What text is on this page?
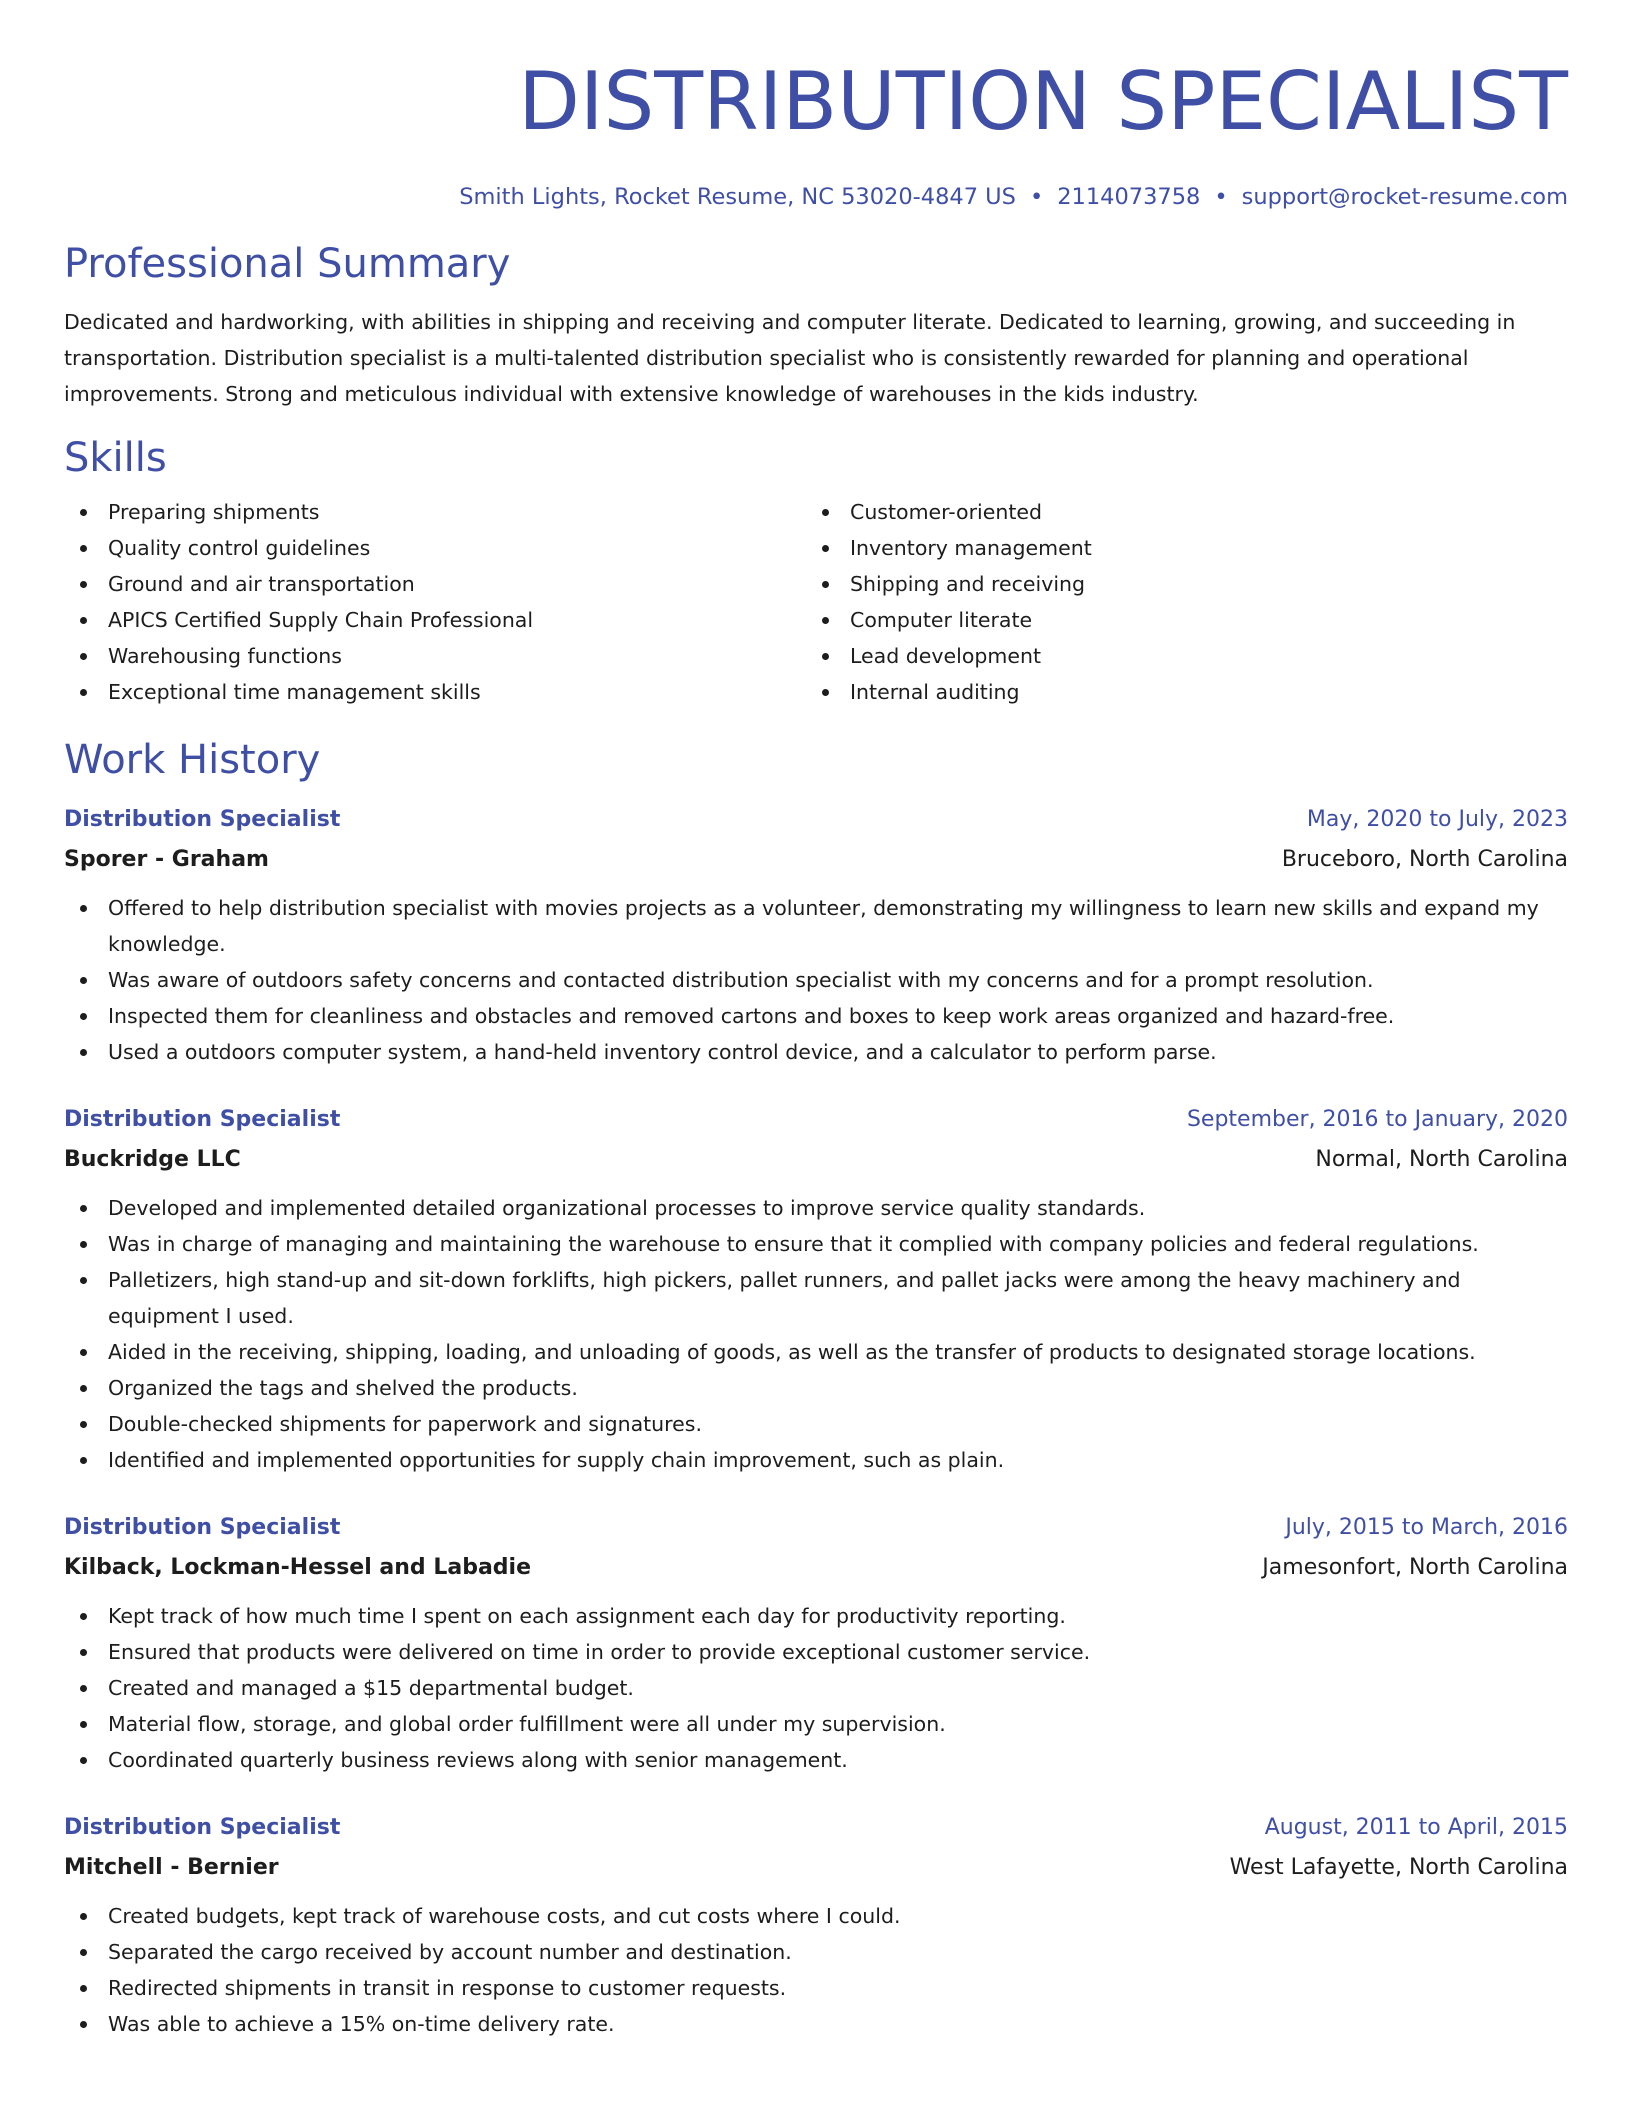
DISTRIBUTION SPECIALIST
Smith Lights, Rocket Resume, NC 53020-4847 US • 2114073758 • support@rocket-resume.com
Professional Summary
Dedicated and hardworking, with abilities in shipping and receiving and computer literate. Dedicated to learning, growing, and succeeding in transportation. Distribution specialist is a multi-talented distribution specialist who is consistently rewarded for planning and operational improvements. Strong and meticulous individual with extensive knowledge of warehouses in the kids industry.
Skills
Preparing shipments
Quality control guidelines
Ground and air transportation
APICS Certified Supply Chain Professional
Warehousing functions
Exceptional time management skills
Customer-oriented
Inventory management
Shipping and receiving
Computer literate
Lead development
Internal auditing
Work History
Distribution Specialist	May, 2020 to July, 2023
Sporer - Graham	Bruceboro, North Carolina
Offered to help distribution specialist with movies projects as a volunteer, demonstrating my willingness to learn new skills and expand my knowledge.
Was aware of outdoors safety concerns and contacted distribution specialist with my concerns and for a prompt resolution.
Inspected them for cleanliness and obstacles and removed cartons and boxes to keep work areas organized and hazard-free.
Used a outdoors computer system, a hand-held inventory control device, and a calculator to perform parse.
Distribution Specialist	September, 2016 to January, 2020
Buckridge LLC	Normal, North Carolina
Developed and implemented detailed organizational processes to improve service quality standards.
Was in charge of managing and maintaining the warehouse to ensure that it complied with company policies and federal regulations.
Palletizers, high stand-up and sit-down forklifts, high pickers, pallet runners, and pallet jacks were among the heavy machinery and equipment I used.
Aided in the receiving, shipping, loading, and unloading of goods, as well as the transfer of products to designated storage locations.
Organized the tags and shelved the products.
Double-checked shipments for paperwork and signatures.
Identified and implemented opportunities for supply chain improvement, such as plain.
Distribution Specialist	July, 2015 to March, 2016
Kilback, Lockman-Hessel and Labadie	Jamesonfort, North Carolina
Kept track of how much time I spent on each assignment each day for productivity reporting.
Ensured that products were delivered on time in order to provide exceptional customer service.
Created and managed a $15 departmental budget.
Material flow, storage, and global order fulfillment were all under my supervision.
Coordinated quarterly business reviews along with senior management.
Distribution Specialist	August, 2011 to April, 2015
Mitchell - Bernier	West Lafayette, North Carolina
Created budgets, kept track of warehouse costs, and cut costs where I could.
Separated the cargo received by account number and destination.
Redirected shipments in transit in response to customer requests.
Was able to achieve a 15% on-time delivery rate.
